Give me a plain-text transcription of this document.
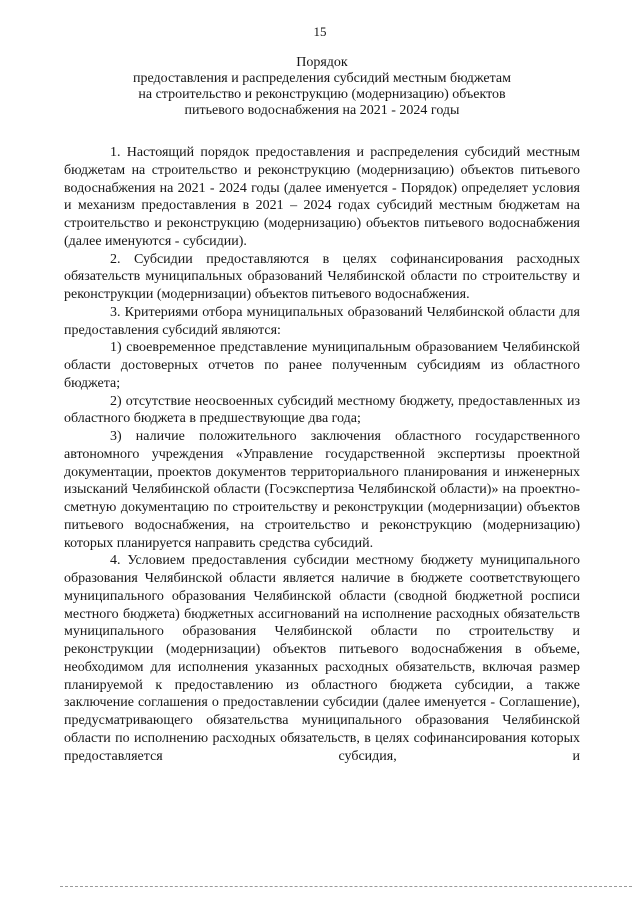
15
Порядок
предоставления и распределения субсидий местным бюджетам
на строительство и реконструкцию (модернизацию) объектов
питьевого водоснабжения на 2021 - 2024 годы

1. Настоящий порядок предоставления и распределения субсидий местным бюджетам на строительство и реконструкцию (модернизацию) объектов питьевого водоснабжения на 2021 - 2024 годы (далее именуется - Порядок) определяет условия и механизм предоставления в 2021 – 2024 годах субсидий местным бюджетам на строительство и реконструкцию (модернизацию) объектов питьевого водоснабжения (далее именуются - субсидии).

2. Субсидии предоставляются в целях софинансирования расходных обязательств муниципальных образований Челябинской области по строительству и реконструкции (модернизации) объектов питьевого водоснабжения.

3. Критериями отбора муниципальных образований Челябинской области для предоставления субсидий являются:

1) своевременное представление муниципальным образованием Челябинской области достоверных отчетов по ранее полученным субсидиям из областного бюджета;

2) отсутствие неосвоенных субсидий местному бюджету, предоставленных из областного бюджета в предшествующие два года;

3) наличие положительного заключения областного государственного автономного учреждения «Управление государственной экспертизы проектной документации, проектов документов территориального планирования и инженерных изысканий Челябинской области (Госэкспертиза Челябинской области)» на проектно-сметную документацию по строительству и реконструкции (модернизации) объектов питьевого водоснабжения, на строительство и реконструкцию (модернизацию) которых планируется направить средства субсидий.

4. Условием предоставления субсидии местному бюджету муниципального образования Челябинской области является наличие в бюджете соответствующего муниципального образования Челябинской области (сводной бюджетной росписи местного бюджета) бюджетных ассигнований на исполнение расходных обязательств муниципального образования Челябинской области по строительству и реконструкции (модернизации) объектов питьевого водоснабжения в объеме, необходимом для исполнения указанных расходных обязательств, включая размер планируемой к предоставлению из областного бюджета субсидии, а также заключение соглашения о предоставлении субсидии (далее именуется - Соглашение), предусматривающего обязательства муниципального образования Челябинской области по исполнению расходных обязательств, в целях софинансирования которых предоставляется субсидия, и
